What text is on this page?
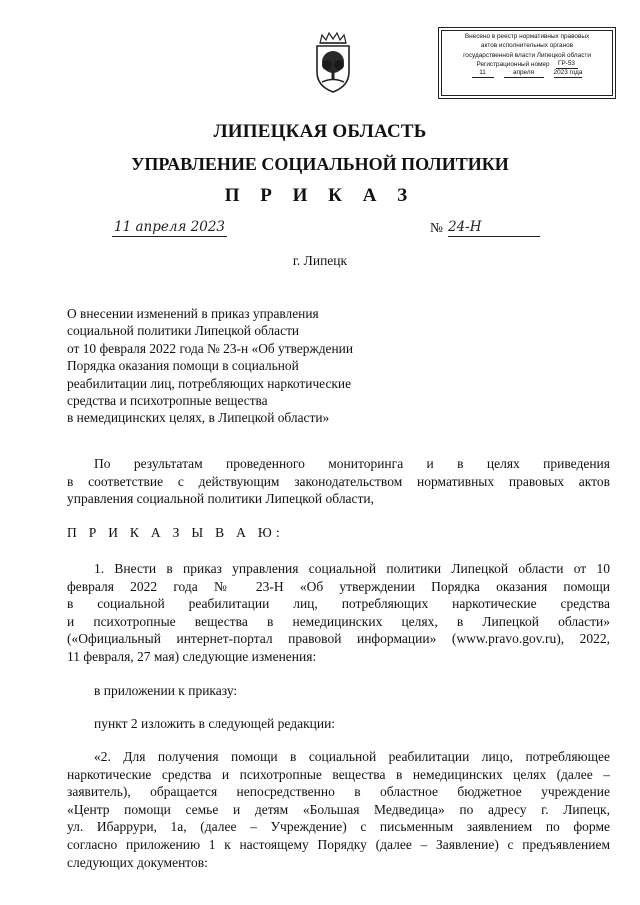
Внесено в реестр нормативных правовых
актов исполнительных органов
государственной власти Липецкой области
Регистрационный номер	ГР-53
11	апреля	2023 года
ЛИПЕЦКАЯ ОБЛАСТЬ
УПРАВЛЕНИЕ СОЦИАЛЬНОЙ ПОЛИТИКИ
П Р И К А З
11 апреля 2023	№ 24-Н
г. Липецк
О внесении изменений в приказ управления
социальной политики Липецкой области
от 10 февраля 2022 года № 23-н «Об утверждении
Порядка оказания помощи в социальной
реабилитации лиц, потребляющих наркотические
средства и психотропные вещества
в немедицинских целях, в Липецкой области»
По результатам проведенного мониторинга и в целях приведения
в соответствие с действующим законодательством нормативных правовых актов
управления социальной политики Липецкой области,
П Р И К А З Ы В А Ю:
1. Внести в приказ управления социальной политики Липецкой области от 10
февраля 2022 года № 23-Н «Об утверждении Порядка оказания помощи
в социальной реабилитации лиц, потребляющих наркотические средства
и психотропные вещества в немедицинских целях, в Липецкой области»
(«Официальный интернет-портал правовой информации» (www.pravo.gov.ru), 2022,
11 февраля, 27 мая) следующие изменения:
в приложении к приказу:
пункт 2 изложить в следующей редакции:
«2. Для получения помощи в социальной реабилитации лицо, потребляющее
наркотические средства и психотропные вещества в немедицинских целях (далее –
заявитель), обращается непосредственно в областное бюджетное учреждение
«Центр помощи семье и детям «Большая Медведица» по адресу г. Липецк,
ул. Ибаррури, 1а, (далее – Учреждение) с письменным заявлением по форме
согласно приложению 1 к настоящему Порядку (далее – Заявление) с предъявлением
следующих документов:
